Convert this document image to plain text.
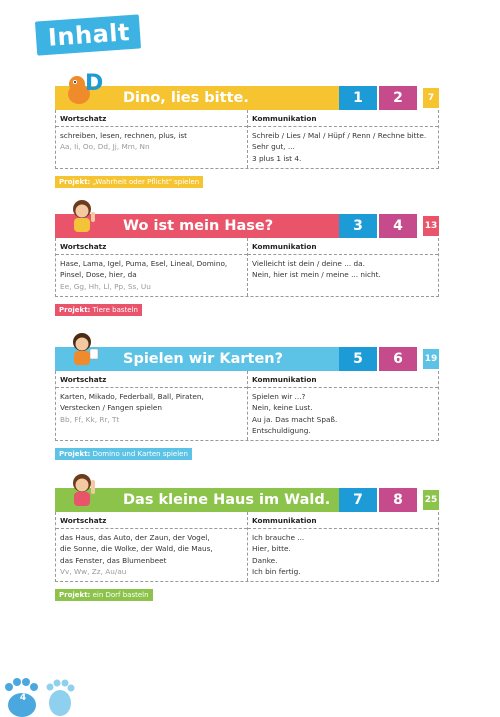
Inhalt
D
Dino, lies bitte.	1	2	7
Wortschatz
schreiben, lesen, rechnen, plus, ist
Aa, Ii, Oo, Dd, Jj, Mm, Nn
Kommunikation
Schreib / Lies / Mal / Hüpf / Renn / Rechne bitte.
Sehr gut, ...
3 plus 1 ist 4.
Projekt: „Wahrheit oder Pflicht" spielen
Wo ist mein Hase?	3	4	13
Wortschatz
Hase, Lama, Igel, Puma, Esel, Lineal, Domino,
Pinsel, Dose, hier, da
Ee, Gg, Hh, Ll, Pp, Ss, Uu
Kommunikation
Vielleicht ist dein / deine ... da.
Nein, hier ist mein / meine ... nicht.
Projekt: Tiere basteln
Spielen wir Karten?	5	6	19
Wortschatz
Karten, Mikado, Federball, Ball, Piraten,
Verstecken / Fangen spielen
Bb, Ff, Kk, Rr, Tt
Kommunikation
Spielen wir ...?
Nein, keine Lust.
Au ja. Das macht Spaß.
Entschuldigung.
Projekt: Domino und Karten spielen
Das kleine Haus im Wald.	7	8	25
Wortschatz
das Haus, das Auto, der Zaun, der Vogel,
die Sonne, die Wolke, der Wald, die Maus,
das Fenster, das Blumenbeet
Vv, Ww, Zz, Au/au
Kommunikation
Ich brauche ...
Hier, bitte.
Danke.
Ich bin fertig.
Projekt: ein Dorf basteln
4
